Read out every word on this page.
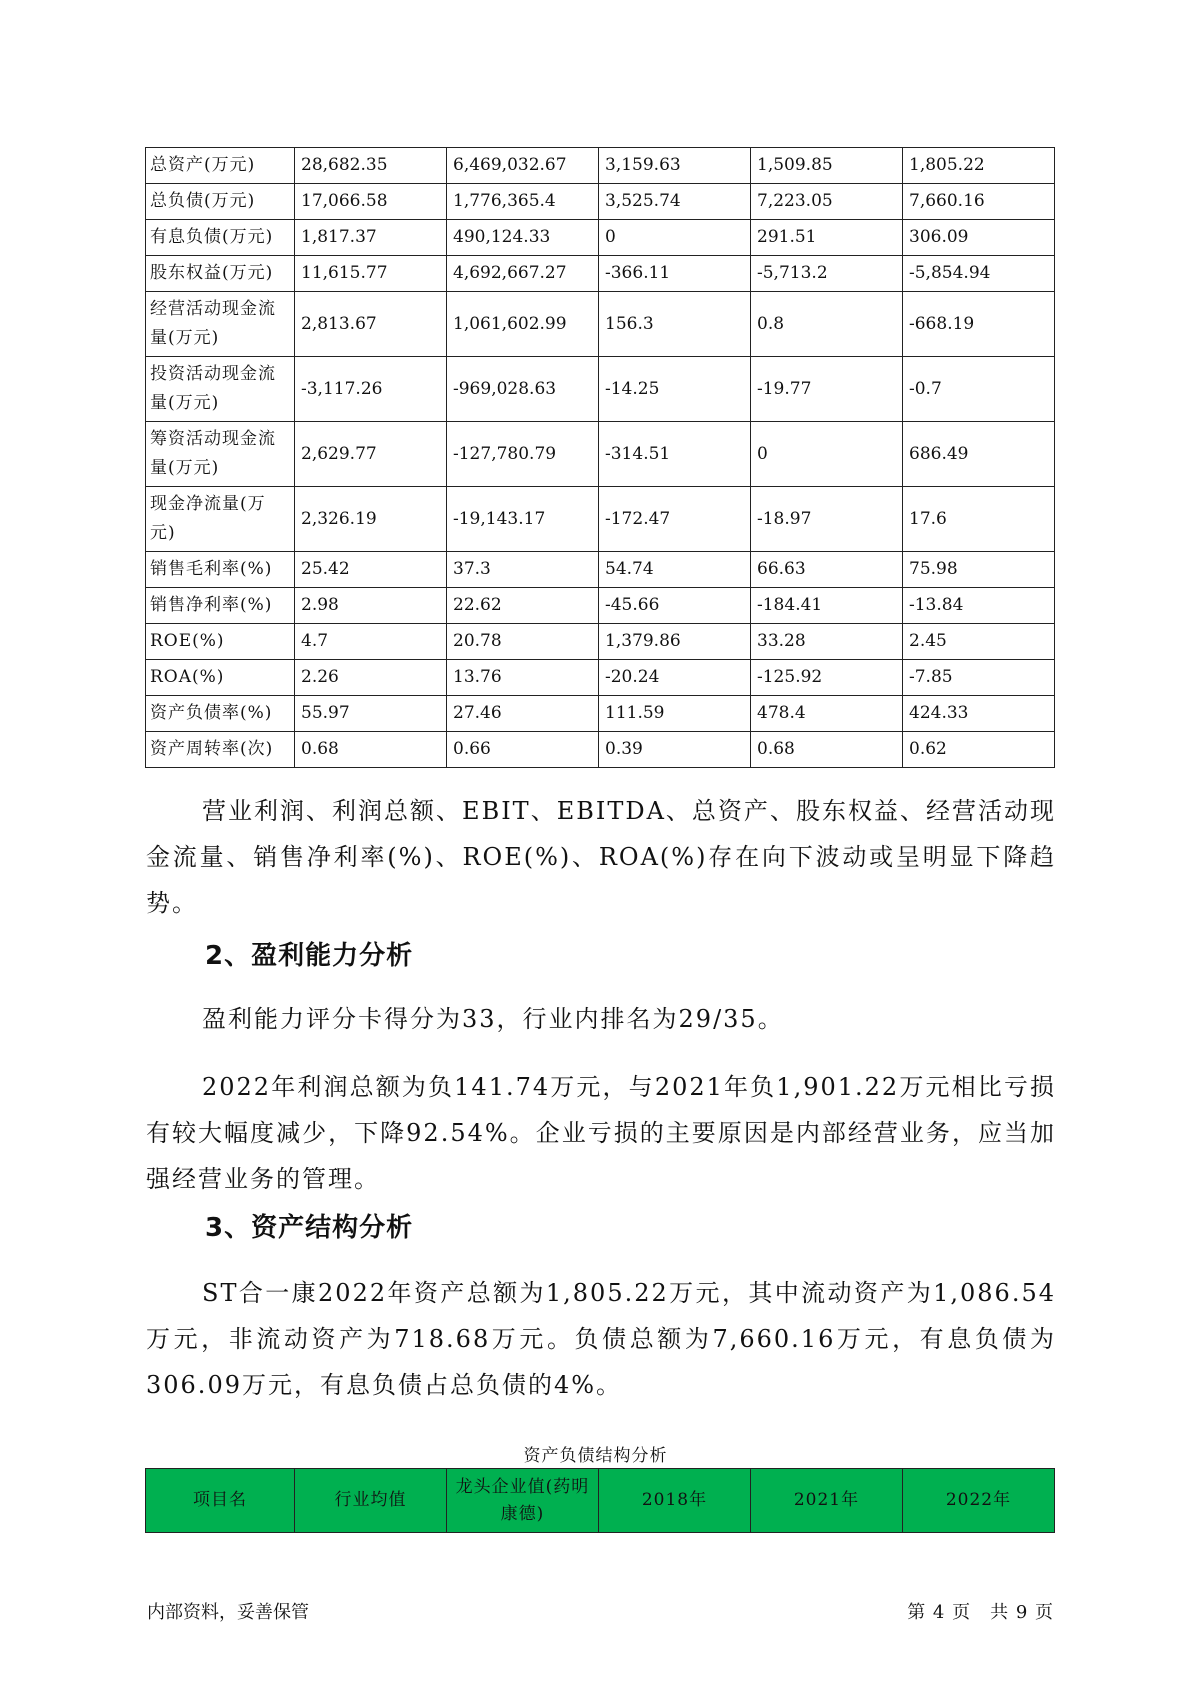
总资产(万元)	28,682.35	6,469,032.67	3,159.63	1,509.85	1,805.22
总负债(万元)	17,066.58	1,776,365.4	3,525.74	7,223.05	7,660.16
有息负债(万元)	1,817.37	490,124.33	0	291.51	306.09
股东权益(万元)	11,615.77	4,692,667.27	-366.11	-5,713.2	-5,854.94
经营活动现金流量(万元)	2,813.67	1,061,602.99	156.3	0.8	-668.19
投资活动现金流量(万元)	-3,117.26	-969,028.63	-14.25	-19.77	-0.7
筹资活动现金流量(万元)	2,629.77	-127,780.79	-314.51	0	686.49
现金净流量(万元)	2,326.19	-19,143.17	-172.47	-18.97	17.6
销售毛利率(%)	25.42	37.3	54.74	66.63	75.98
销售净利率(%)	2.98	22.62	-45.66	-184.41	-13.84
ROE(%)	4.7	20.78	1,379.86	33.28	2.45
ROA(%)	2.26	13.76	-20.24	-125.92	-7.85
资产负债率(%)	55.97	27.46	111.59	478.4	424.33
资产周转率(次)	0.68	0.66	0.39	0.68	0.62
营业利润、利润总额、EBIT、EBITDA、总资产、股东权益、经营活动现金流量、销售净利率(%)、ROE(%)、ROA(%)存在向下波动或呈明显下降趋势。
2、盈利能力分析
盈利能力评分卡得分为33，行业内排名为29/35。
2022年利润总额为负141.74万元，与2021年负1,901.22万元相比亏损有较大幅度减少，下降92.54%。企业亏损的主要原因是内部经营业务，应当加强经营业务的管理。
3、资产结构分析
ST合一康2022年资产总额为1,805.22万元，其中流动资产为1,086.54万元，非流动资产为718.68万元。负债总额为7,660.16万元，有息负债为306.09万元，有息负债占总负债的4%。
资产负债结构分析
项目名	行业均值	龙头企业值(药明康德)	2018年	2021年	2022年
内部资料，妥善保管	第 4 页　共 9 页
